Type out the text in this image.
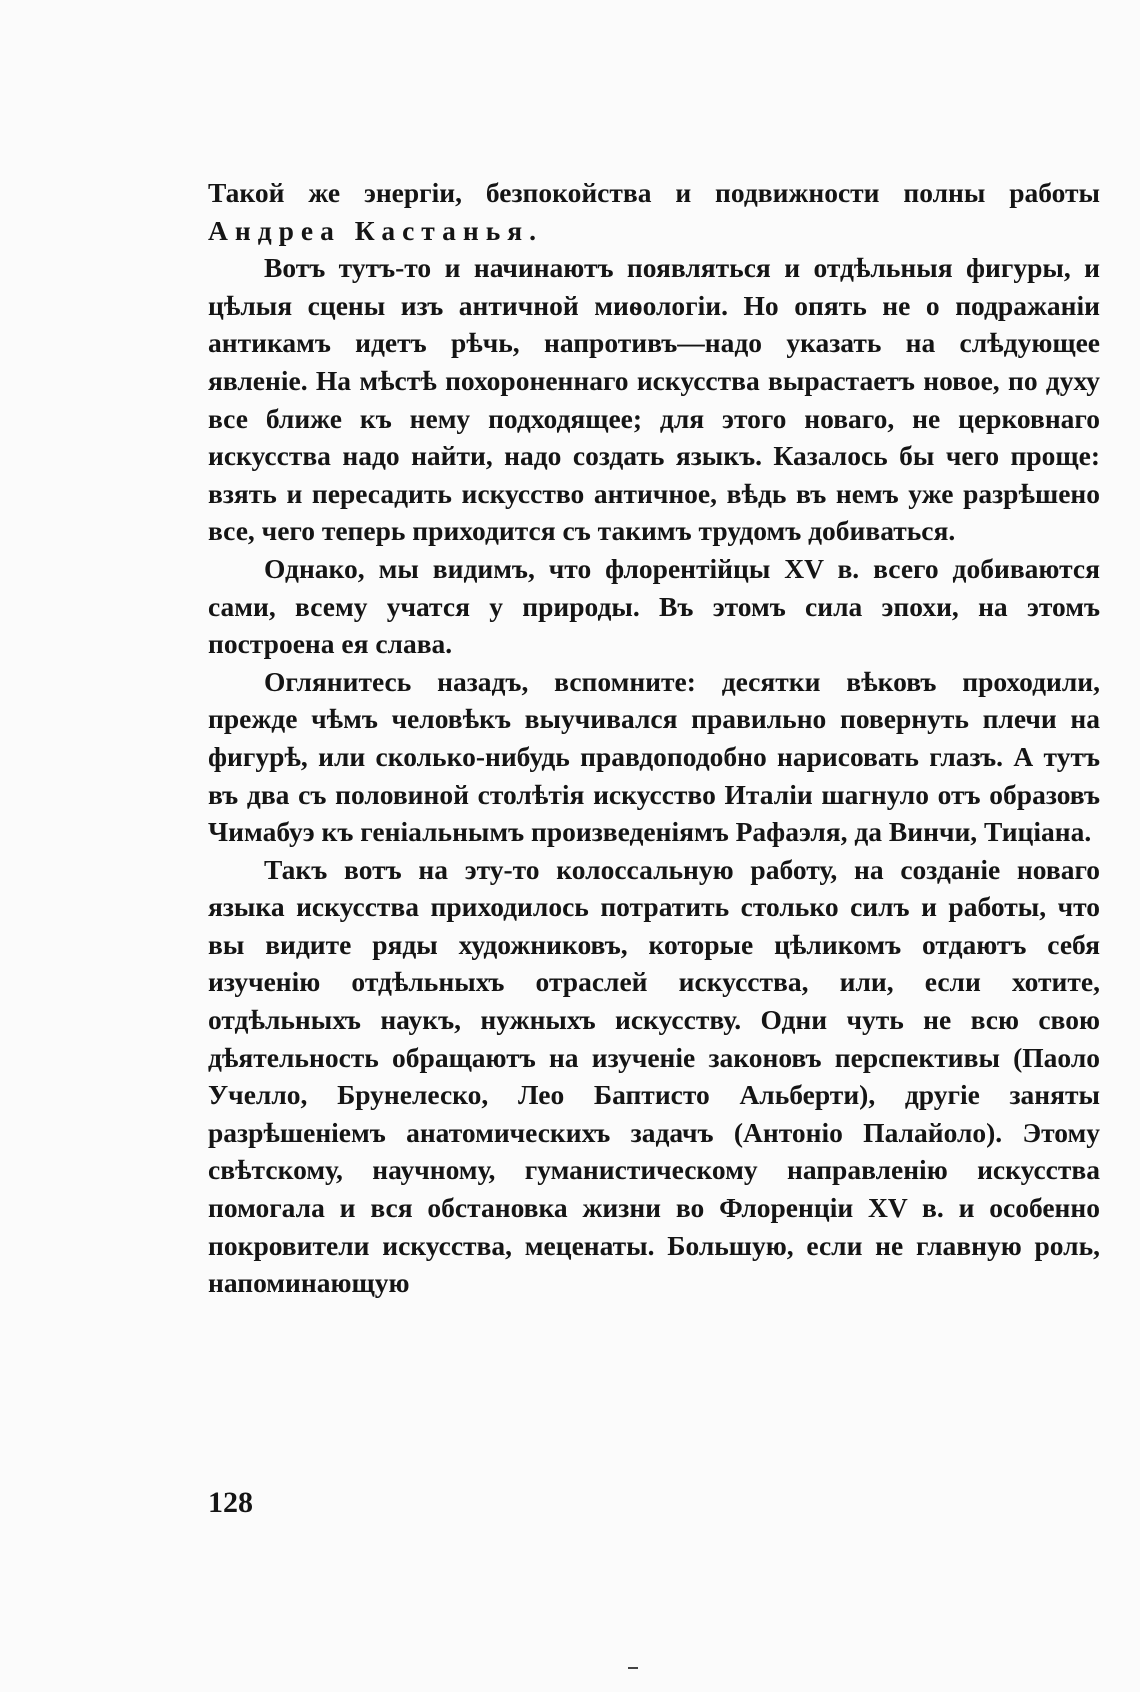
Такой же энергіи, безпокойства и подвижности полны работы Андреа Кастанья.

Вотъ тутъ-то и начинаютъ появляться и отдѣльныя фигуры, и цѣлыя сцены изъ античной миѳологіи. Но опять не о подражаніи антикамъ идетъ рѣчь, напротивъ—надо указать на слѣдующее явленіе. На мѣстѣ похороненнаго искусства вырастаетъ новое, по духу все ближе къ нему подходящее; для этого новаго, не церковнаго искусства надо найти, надо создать языкъ. Казалось бы чего проще: взять и пересадить искусство античное, вѣдь въ немъ уже разрѣшено все, чего теперь приходится съ такимъ трудомъ добиваться.

Однако, мы видимъ, что флорентійцы XV в. всего добиваются сами, всему учатся у природы. Въ этомъ сила эпохи, на этомъ построена ея слава.

Оглянитесь назадъ, вспомните: десятки вѣковъ проходили, прежде чѣмъ человѣкъ выучивался правильно повернуть плечи на фигурѣ, или сколько-нибудь правдоподобно нарисовать глазъ. А тутъ въ два съ половиной столѣтія искусство Италіи шагнуло отъ образовъ Чимабуэ къ геніальнымъ произведеніямъ Рафаэля, да Винчи, Тиціана.

Такъ вотъ на эту-то колоссальную работу, на созданіе новаго языка искусства приходилось потратить столько силъ и работы, что вы видите ряды художниковъ, которые цѣликомъ отдаютъ себя изученію отдѣльныхъ отраслей искусства, или, если хотите, отдѣльныхъ наукъ, нужныхъ искусству. Одни чуть не всю свою дѣятельность обращаютъ на изученіе законовъ перспективы (Паоло Учелло, Брунелеско, Лео Баптисто Альберти), другіе заняты разрѣшеніемъ анатомическихъ задачъ (Антоніо Палайоло). Этому свѣтскому, научному, гуманистическому направленію искусства помогала и вся обстановка жизни во Флоренціи XV в. и особенно покровители искусства, меценаты. Большую, если не главную роль, напоминающую

128
